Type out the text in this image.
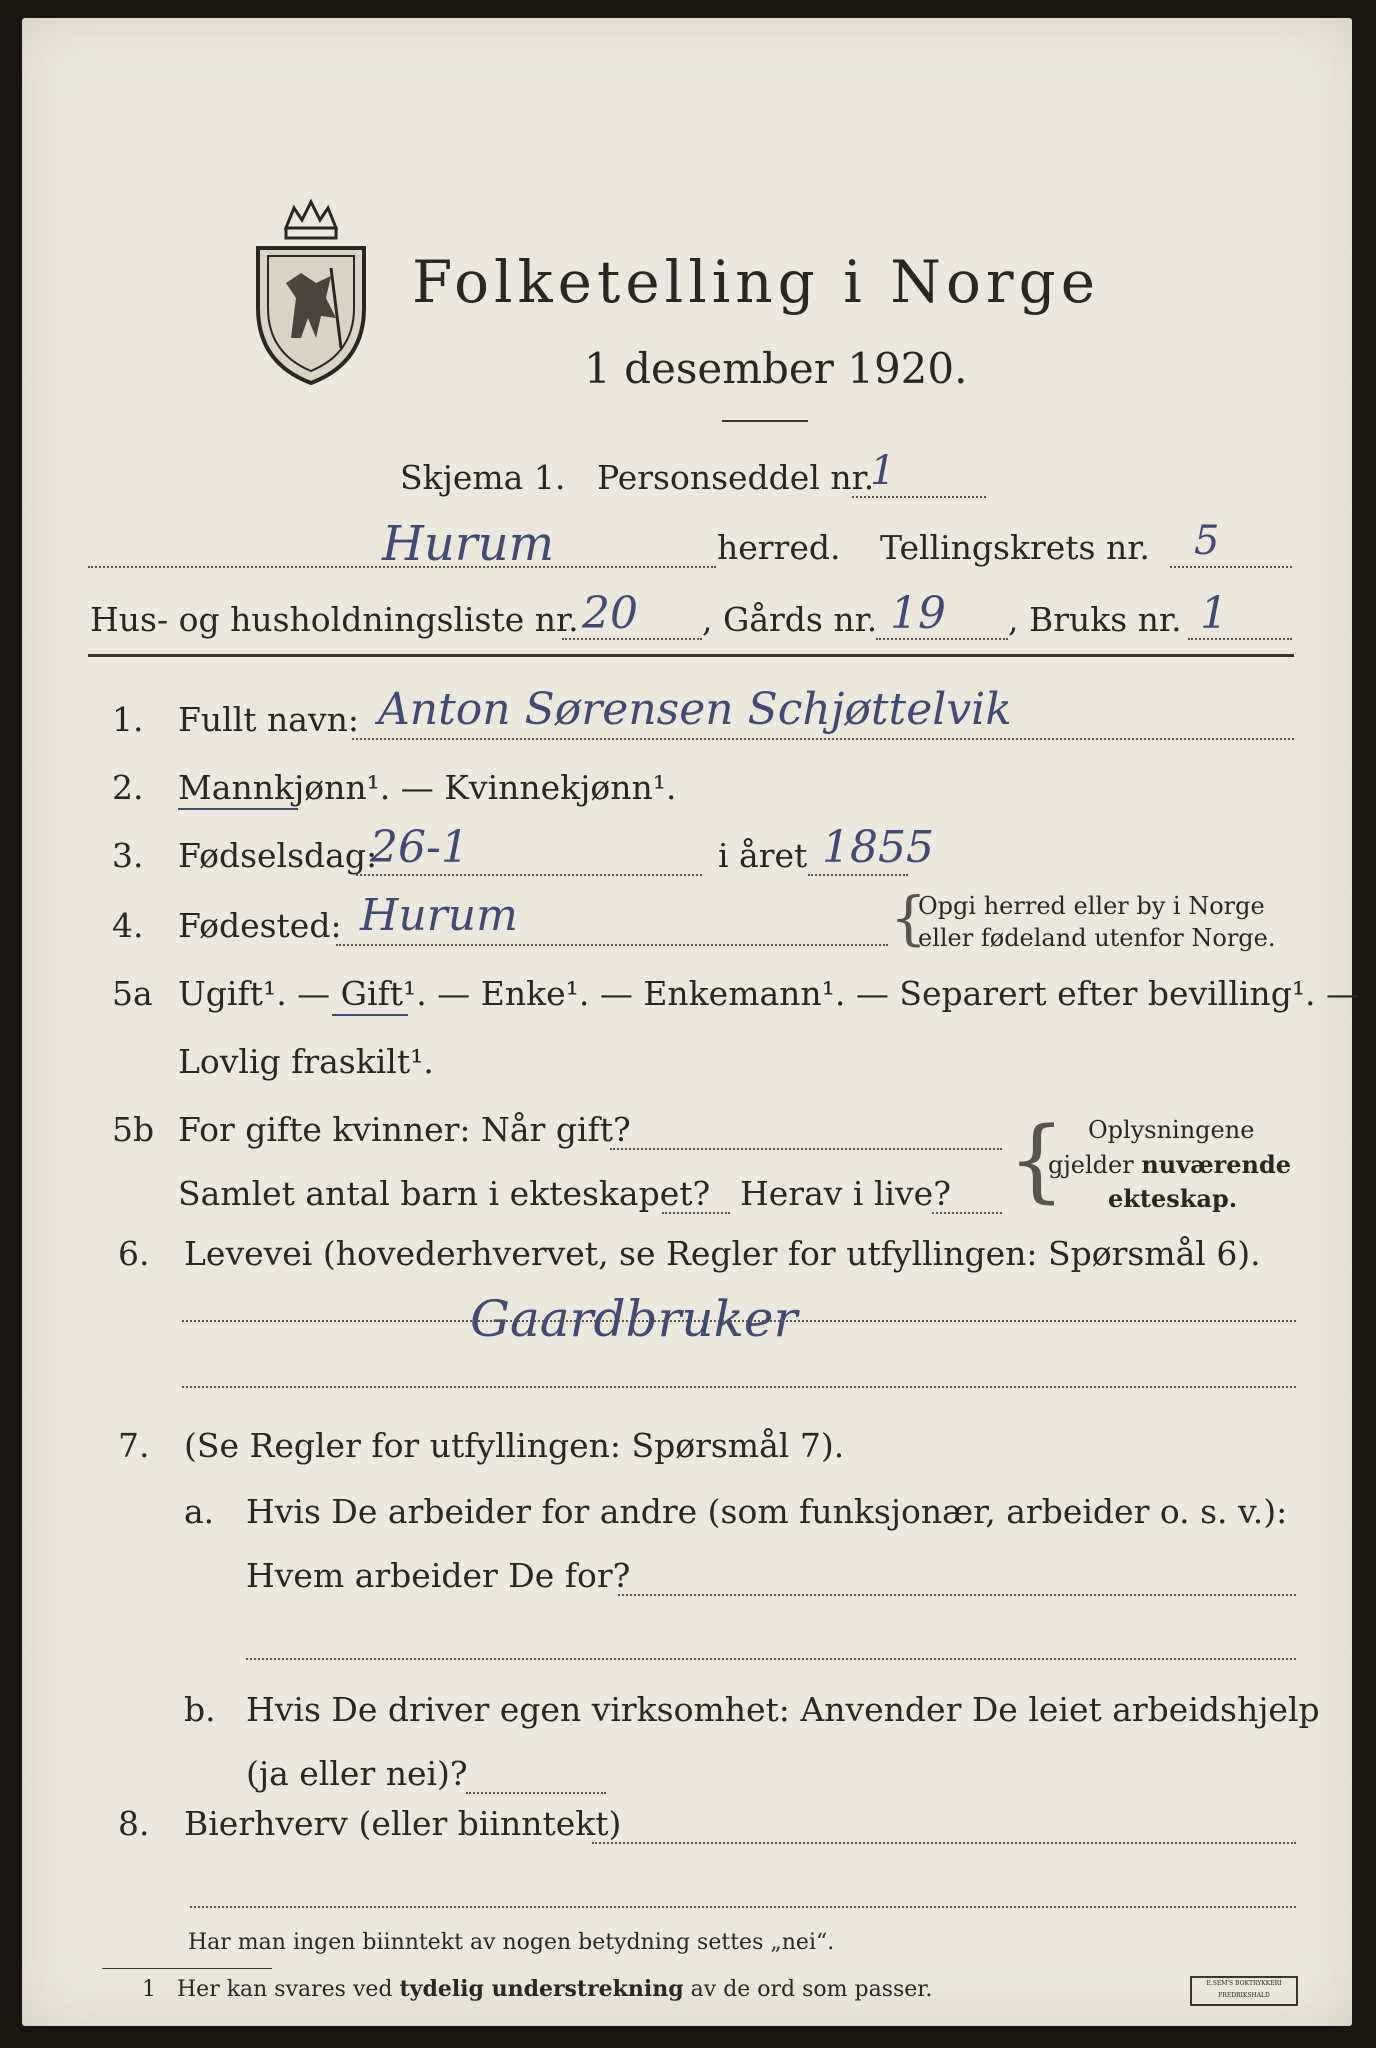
Folketelling i Norge
1 desember 1920.
Skjema 1. Personseddel nr.
1
Hurum	herred. Tellingskrets nr. 5
Hus- og husholdningsliste nr. 20 , Gårds nr. 19 , Bruks nr. 1
1. Fullt navn: Anton Sørensen Schjøttelvik
2. Mannkjønn¹. — Kvinnekjønn¹.
3. Fødselsdag:
26-1	i året 1855
4. Fødested: Hurum	{
Opgi herred eller by i Norge
eller fødeland utenfor Norge.
5a Ugift¹. — Gift¹. — Enke¹. — Enkemann¹. — Separert efter bevilling¹. —
Lovlig fraskilt¹.
5b For gifte kvinner: Når gift?
Samlet antal barn i ekteskapet? Herav i live? { Oplysningene
gjelder nuværende
ekteskap.
6. Levevei (hovederhvervet, se Regler for utfyllingen: Spørsmål 6).
Gaardbruker
7. (Se Regler for utfyllingen: Spørsmål 7).
a. Hvis De arbeider for andre (som funksjonær, arbeider o. s. v.):
Hvem arbeider De for?
b. Hvis De driver egen virksomhet: Anvender De leiet arbeidshjelp
(ja eller nei)?
8. Bierhverv (eller biinntekt)
Har man ingen biinntekt av nogen betydning settes „nei“.
1 Her kan svares ved tydelig understrekning av de ord som passer.	E.SEM'S BOKTRYKKERI FREDRIKSHALD
